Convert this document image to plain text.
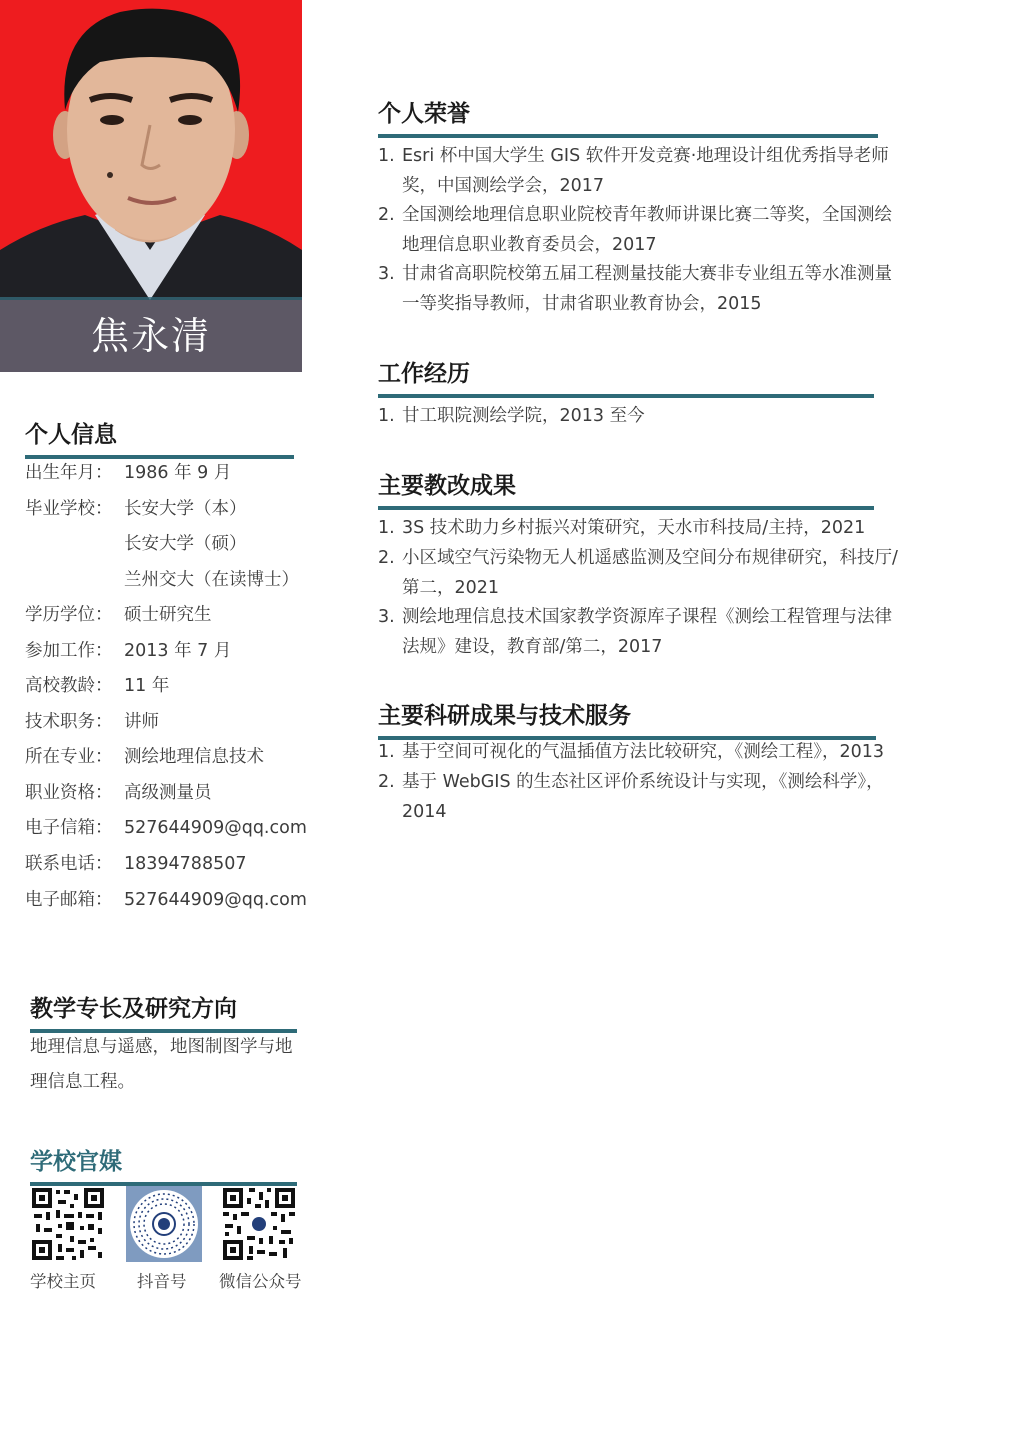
焦永清
个人信息
出生年月： 1986 年 9 月
毕业学校： 长安大学（本）
长安大学（硕）
兰州交大（在读博士）
学历学位： 硕士研究生
参加工作： 2013 年 7 月
高校教龄： 11 年
技术职务： 讲师
所在专业： 测绘地理信息技术
职业资格： 高级测量员
电子信箱： 527644909@qq.com
联系电话： 18394788507
电子邮箱： 527644909@qq.com
教学专长及研究方向
地理信息与遥感，地图制图学与地理信息工程。
学校官媒
学校主页 抖音号 微信公众号
个人荣誉
1. Esri 杯中国大学生 GIS 软件开发竞赛·地理设计组优秀指导老师奖，中国测绘学会，2017
2. 全国测绘地理信息职业院校青年教师讲课比赛二等奖，全国测绘地理信息职业教育委员会，2017
3. 甘肃省高职院校第五届工程测量技能大赛非专业组五等水准测量一等奖指导教师，甘肃省职业教育协会，2015
工作经历
1. 甘工职院测绘学院，2013 至今
主要教改成果
1. 3S 技术助力乡村振兴对策研究，天水市科技局/主持，2021
2. 小区域空气污染物无人机遥感监测及空间分布规律研究，科技厅/第二，2021
3. 测绘地理信息技术国家教学资源库子课程《测绘工程管理与法律法规》建设，教育部/第二，2017
主要科研成果与技术服务
1. 基于空间可视化的气温插值方法比较研究，《测绘工程》，2013
2. 基于 WebGIS 的生态社区评价系统设计与实现，《测绘科学》，2014
